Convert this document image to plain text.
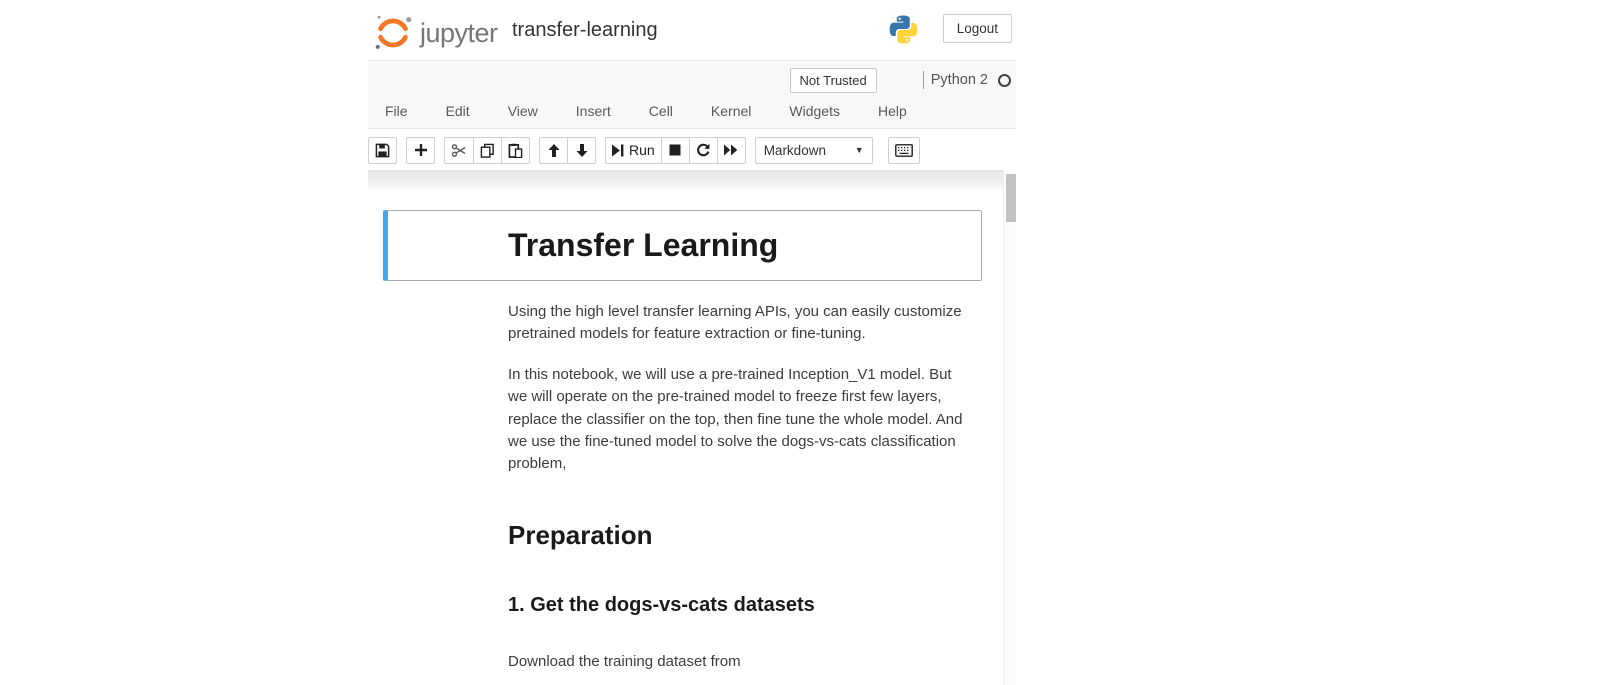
jupyter transfer-learning	Logout
Not Trusted	Python 2
File	Edit	View	Insert	Cell	Kernel	Widgets	Help
Run	Markdown	▼
Transfer Learning

Using the high level transfer learning APIs, you can easily customize pretrained models for feature extraction or fine-tuning.

In this notebook, we will use a pre-trained Inception_V1 model. But we will operate on the pre-trained model to freeze first few layers, replace the classifier on the top, then fine tune the whole model. And we use the fine-tuned model to solve the dogs-vs-cats classification problem,

Preparation
1. Get the dogs-vs-cats datasets

Download the training dataset from
